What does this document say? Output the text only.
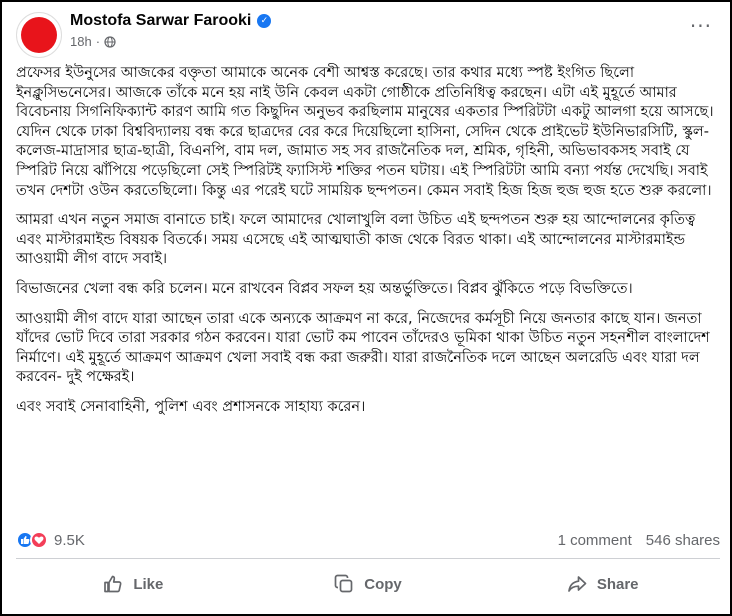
Mostofa Sarwar Farooki	✓
18h ·
···

প্রফেসর ইউনুসের আজকের বক্তৃতা আমাকে অনেক বেশী আশ্বস্ত করেছে। তার কথার মধ্যে স্পষ্ট ইংগিত ছিলো ইনক্লুসিভনেসের। আজকে তাঁকে মনে হয় নাই উনি কেবল একটা গোষ্ঠীকে প্রতিনিধিত্ব করছেন। এটা এই মুহূর্তে আমার বিবেচনায় সিগনিফিক্যান্ট কারণ আমি গত কিছুদিন অনুভব করছিলাম মানুষের একতার স্পিরিটটা একটু আলগা হয়ে আসছে। যেদিন থেকে ঢাকা বিশ্ববিদ্যালয় বন্ধ করে ছাত্রদের বের করে দিয়েছিলো হাসিনা, সেদিন থেকে প্রাইভেট ইউনিভারসিটি, স্কুল-কলেজ-মাদ্রাসার ছাত্র-ছাত্রী, বিএনপি, বাম দল, জামাত সহ সব রাজনৈতিক দল, শ্রমিক, গৃহিনী, অভিভাবকসহ সবাই যে স্পিরিট নিয়ে ঝাঁপিয়ে পড়েছিলো সেই স্পিরিটই ফ্যাসিস্ট শক্তির পতন ঘটায়। এই স্পিরিটটা আমি বন্যা পর্যন্ত দেখেছি। সবাই তখন দেশটা ওউন করতেছিলো। কিন্তু এর পরেই ঘটে সাময়িক ছন্দপতন। কেমন সবাই হিজ হিজ হুজ হুজ হতে শুরু করলো।

আমরা এখন নতুন সমাজ বানাতে চাই। ফলে আমাদের খোলাখুলি বলা উচিত এই ছন্দপতন শুরু হয় আন্দোলনের কৃতিত্ব এবং মাস্টারমাইন্ড বিষয়ক বিতর্কে। সময় এসেছে এই আত্মঘাতী কাজ থেকে বিরত থাকা। এই আন্দোলনের মাস্টারমাইন্ড আওয়ামী লীগ বাদে সবাই।

বিভাজনের খেলা বন্ধ করি চলেন। মনে রাখবেন বিপ্লব সফল হয় অন্তর্ভুক্তিতে। বিপ্লব ঝুঁকিতে পড়ে বিভক্তিতে।

আওয়ামী লীগ বাদে যারা আছেন তারা একে অন্যকে আক্রমণ না করে, নিজেদের কর্মসূচী নিয়ে জনতার কাছে যান। জনতা যাঁদের ভোট দিবে তারা সরকার গঠন করবেন। যারা ভোট কম পাবেন তাঁদেরও ভূমিকা থাকা উচিত নতুন সহনশীল বাংলাদেশ নির্মাণে। এই মুহূর্তে আক্রমণ আক্রমণ খেলা সবাই বন্ধ করা জরুরী। যারা রাজনৈতিক দলে আছেন অলরেডি এবং যারা দল করবেন- দুই পক্ষেরই।

এবং সবাই সেনাবাহিনী, পুলিশ এবং প্রশাসনকে সাহায্য করেন।

9.5K	1 comment 546 shares
Like	Copy	Share
